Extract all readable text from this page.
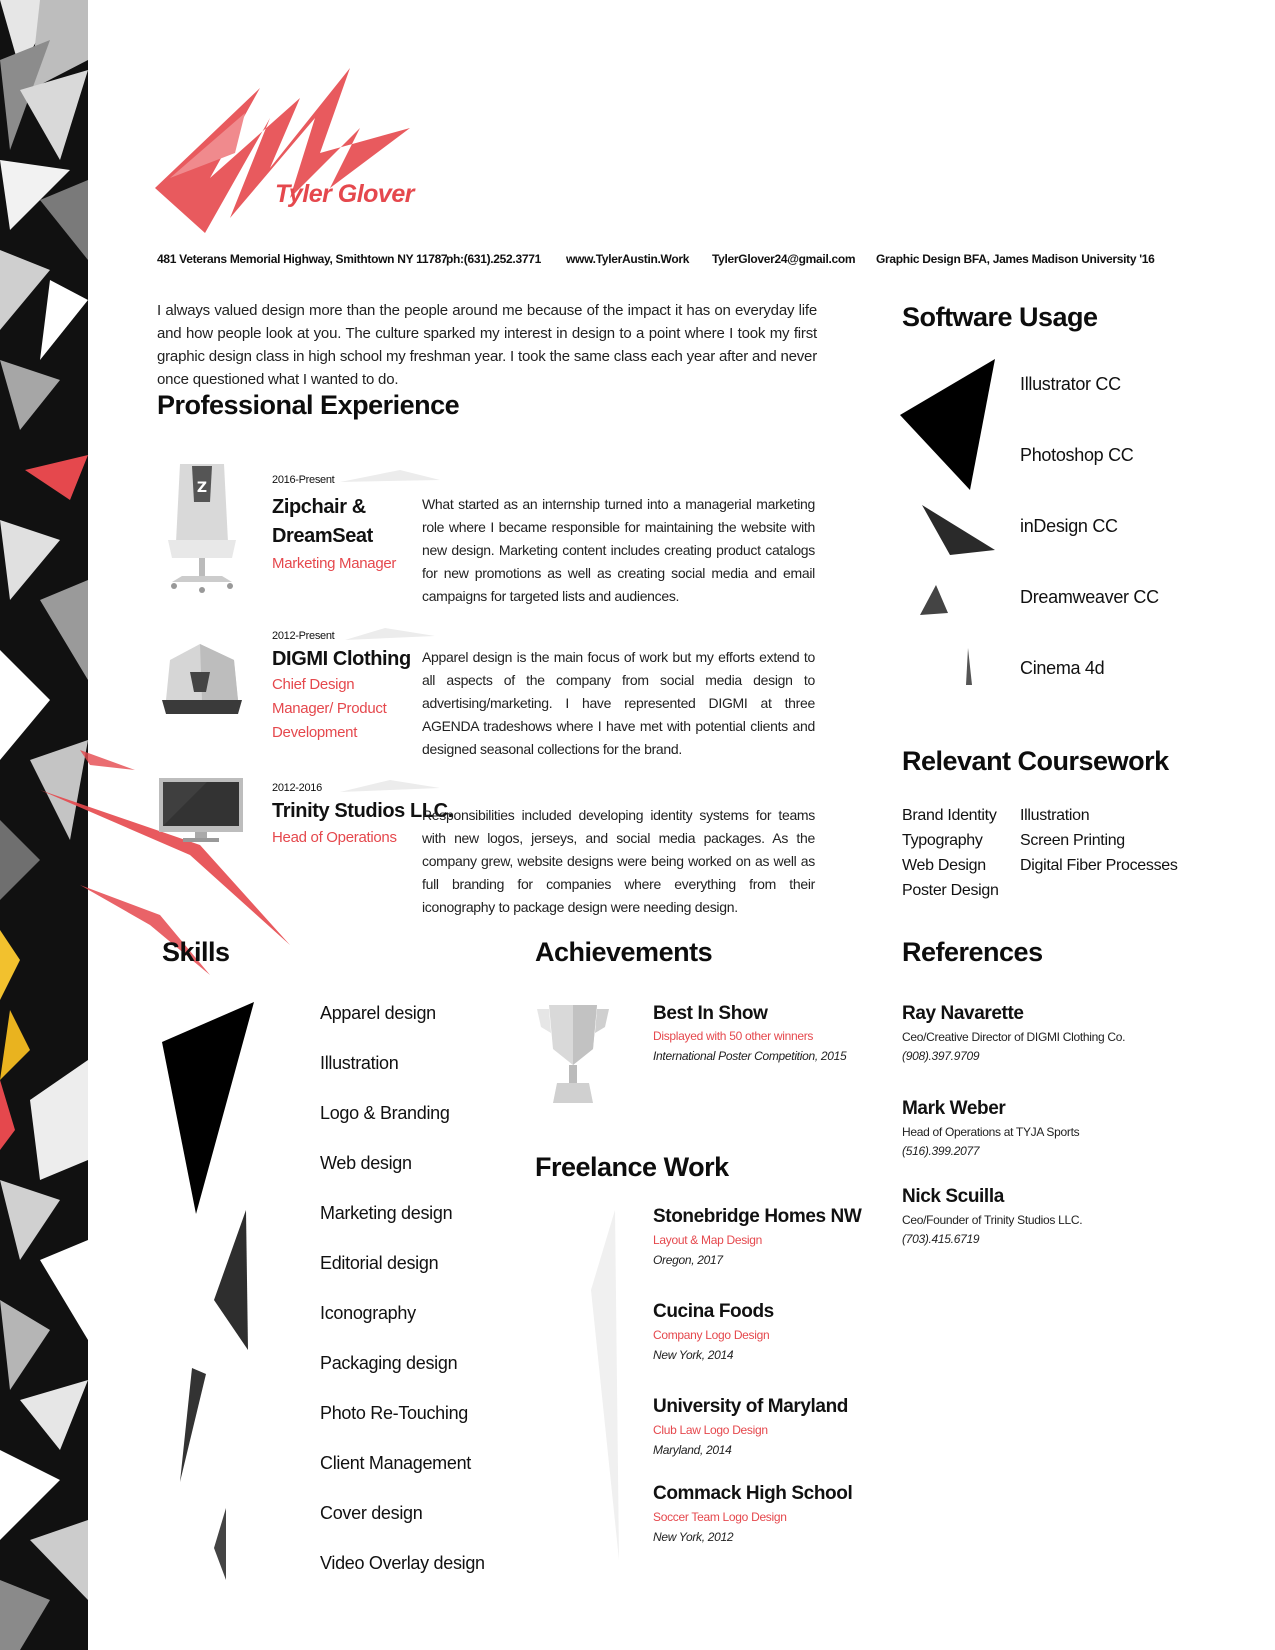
Tyler Glover
481 Veterans Memorial Highway, Smithtown NY 11787
ph:(631).252.3771 www.TylerAustin.Work TylerGlover24@gmail.com Graphic Design BFA, James Madison University '16
I always valued design more than the people around me because of the impact it has on everyday life and how people look at you. The culture sparked my interest in design to a point where I took my first graphic design class in high school my freshman year. I took the same class each year after and never once questioned what I wanted to do.
Professional Experience
Z	2016-Present
Zipchair & DreamSeat
Marketing Manager
What started as an internship turned into a managerial marketing role where I became responsible for maintaining the website with new design. Marketing content includes creating product catalogs for new promotions as well as creating social media and email campaigns for targeted lists and audiences.
2012-Present
DIGMI Clothing
Chief Design Manager/ Product Development
Apparel design is the main focus of work but my efforts extend to all aspects of the company from social media design to advertising/marketing. I have represented DIGMI at three AGENDA tradeshows where I have met with potential clients and designed seasonal collections for the brand.
2012-2016
Trinity Studios LLC.
Head of Operations
Responsibilities included developing identity systems for teams with new logos, jerseys, and social media packages. As the company grew, website designs were being worked on as well as full branding for companies where everything from their iconography to package design were needing design.
Software Usage
Illustrator CC
Photoshop CC
inDesign CC
Dreamweaver CC
Cinema 4d
Relevant Coursework
Brand Identity
Typography
Web Design
Poster Design
Illustration
Screen Printing
Digital Fiber Processes
Skills
Apparel design
Illustration
Logo & Branding
Web design
Marketing design
Editorial design
Iconography
Packaging design
Photo Re-Touching
Client Management
Cover design
Video Overlay design
Achievements
Best In Show
Displayed with 50 other winners
International Poster Competition, 2015
Freelance Work
Stonebridge Homes NW
Layout & Map Design
Oregon, 2017
Cucina Foods
Company Logo Design
New York, 2014
University of Maryland
Club Law Logo Design
Maryland, 2014
Commack High School
Soccer Team Logo Design
New York, 2012
References
Ray Navarette
Ceo/Creative Director of DIGMI Clothing Co.
(908).397.9709
Mark Weber
Head of Operations at TYJA Sports
(516).399.2077
Nick Scuilla
Ceo/Founder of Trinity Studios LLC.
(703).415.6719
